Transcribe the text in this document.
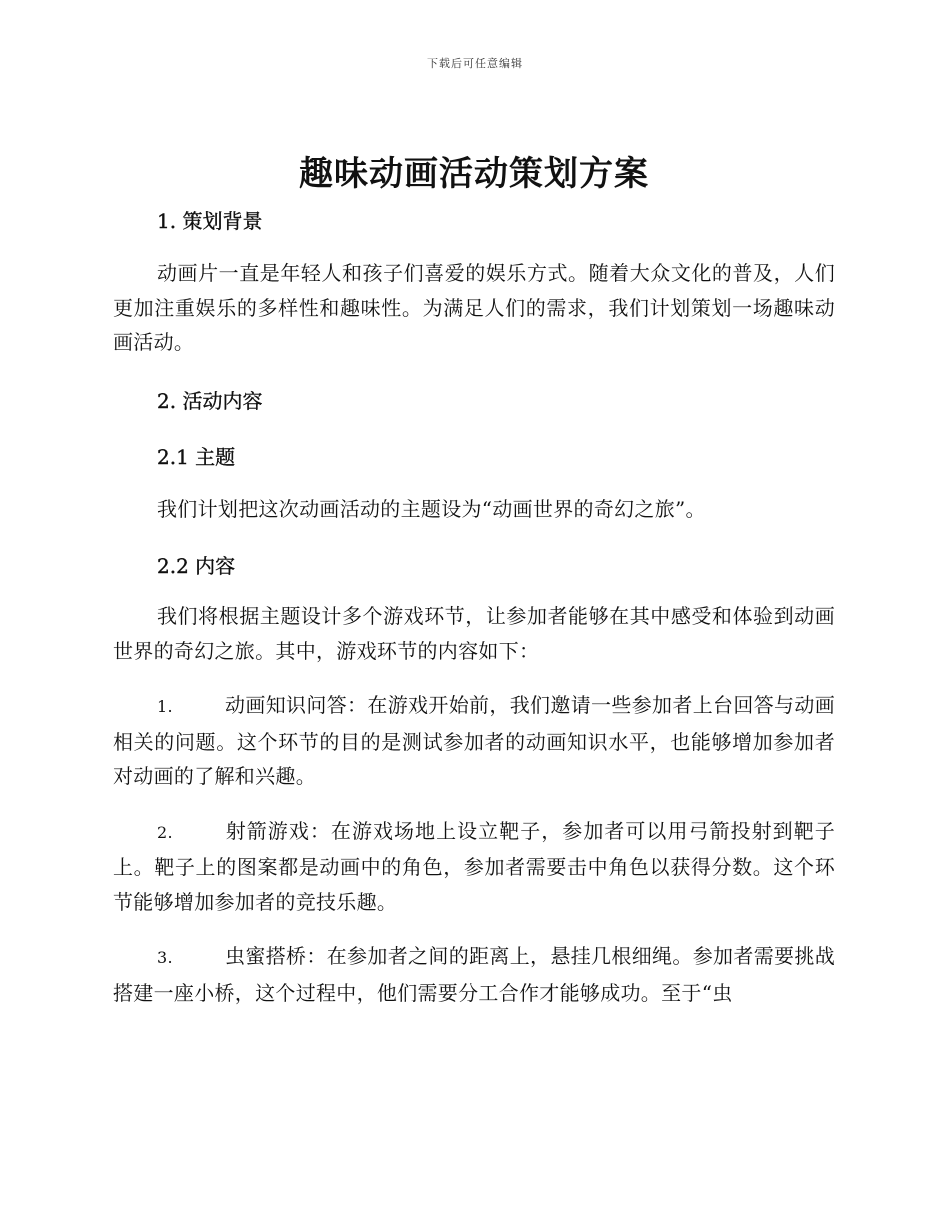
下载后可任意编辑
趣味动画活动策划方案
1. 策划背景

动画片一直是年轻人和孩子们喜爱的娱乐方式。随着大众文化的普及，人们更加注重娱乐的多样性和趣味性。为满足人们的需求，我们计划策划一场趣味动画活动。

2. 活动内容
2.1 主题

我们计划把这次动画活动的主题设为“动画世界的奇幻之旅”。

2.2 内容

我们将根据主题设计多个游戏环节，让参加者能够在其中感受和体验到动画世界的奇幻之旅。其中，游戏环节的内容如下：

1.	动画知识问答：在游戏开始前，我们邀请一些参加者上台回答与动画相关的问题。这个环节的目的是测试参加者的动画知识水平，也能够增加参加者对动画的了解和兴趣。

2.	射箭游戏：在游戏场地上设立靶子，参加者可以用弓箭投射到靶子上。靶子上的图案都是动画中的角色，参加者需要击中角色以获得分数。这个环节能够增加参加者的竞技乐趣。

3.	虫蜜搭桥：在参加者之间的距离上，悬挂几根细绳。参加者需要挑战搭建一座小桥，这个过程中，他们需要分工合作才能够成功。至于“虫
